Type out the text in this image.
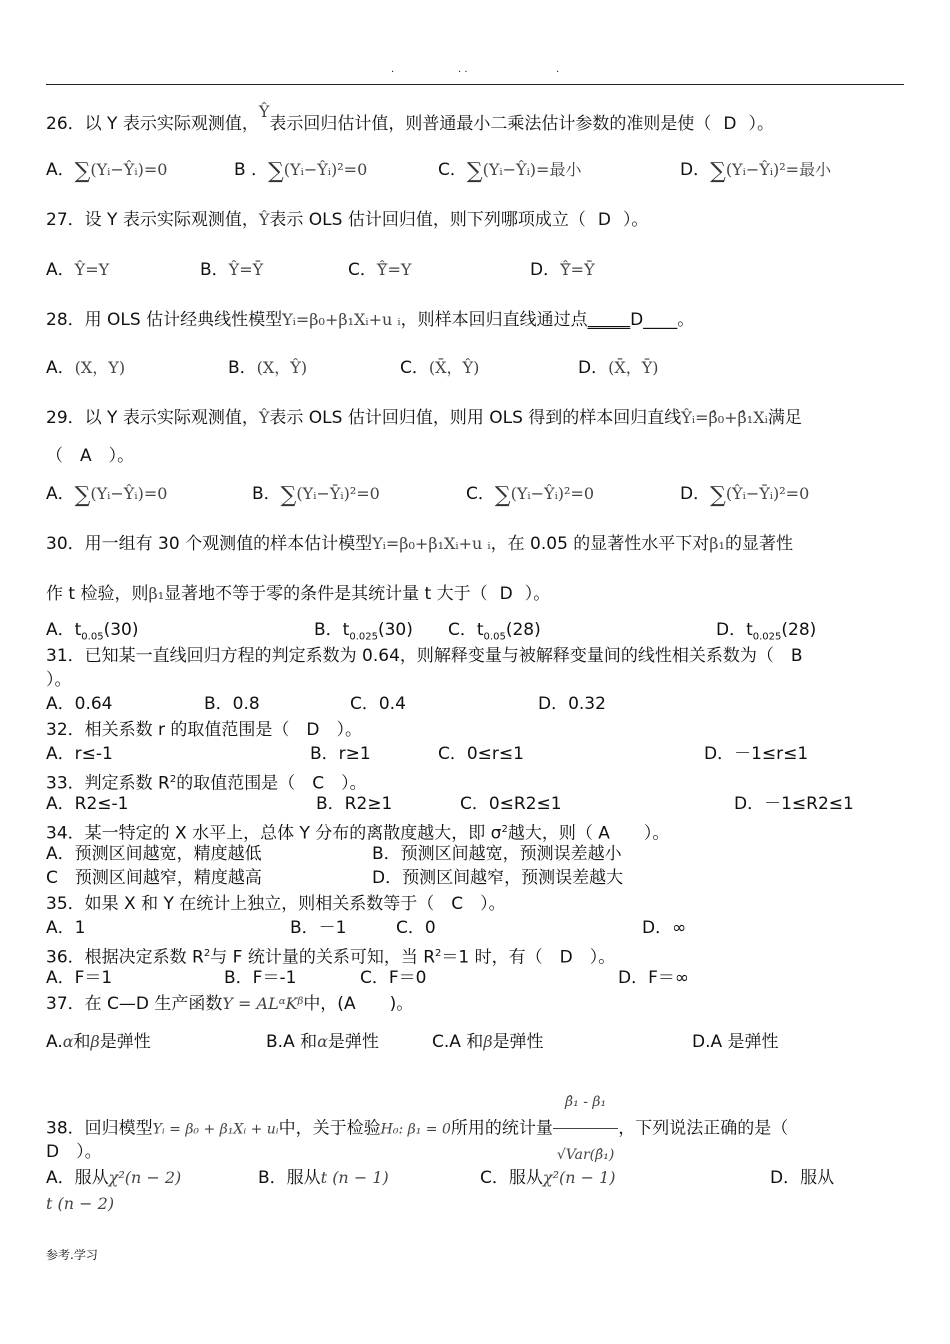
.	. .	.
26．以 Y 表示实际观测值，Ŷ表示回归估计值，则普通最小二乘法估计参数的准则是使（ D ）。
A．∑(Yᵢ−Ŷᵢ)=0	B ．∑(Yᵢ−Ŷᵢ)²=0	C．∑(Yᵢ−Ŷᵢ)=最小	D．∑(Yᵢ−Ŷᵢ)²=最小
27．设 Y 表示实际观测值，Ŷ表示 OLS 估计回归值，则下列哪项成立（ D ）。
A．Ŷ=Y	B．Ŷ=Ȳ	C．Ŷ̄=Y	D．Ŷ̄=Ȳ
28．用 OLS 估计经典线性模型Yᵢ=β₀+β₁Xᵢ+u ᵢ，则样本回归直线通过点_____D____。
A．(X，Y)	B．(X，Ŷ)	C．(X̄，Ŷ)	D．(X̄，Ȳ)
29．以 Y 表示实际观测值，Ŷ表示 OLS 估计回归值，则用 OLS 得到的样本回归直线Ŷᵢ=β̂₀+β̂₁Xᵢ满足
（　A　）。
A．∑(Yᵢ−Ŷᵢ)=0	B．∑(Yᵢ−Ȳᵢ)²=0	C．∑(Yᵢ−Ŷᵢ)²=0	D．∑(Ŷᵢ−Ȳᵢ)²=0
30．用一组有 30 个观测值的样本估计模型Yᵢ=β₀+β₁Xᵢ+u ᵢ，在 0.05 的显著性水平下对β₁的显著性
作 t 检验，则β₁显著地不等于零的条件是其统计量 t 大于（ D ）。
A．$t_{0.05}(30)$	B．$t_{0.025}(30)$ C．$t_{0.05}(28)$	D．$t_{0.025}(28)$
31．已知某一直线回归方程的判定系数为 0.64，则解释变量与被解释变量间的线性相关系数为（　B
）。
A．0.64	B．0.8	C．0.4	D．0.32
32．相关系数 r 的取值范围是（　D　）。
A．r≤-1	B．r≥1	C．0≤r≤1	D．－1≤r≤1
33．判定系数 $R^2$的取值范围是（　C　）。
A．R2≤-1	B．R2≥1	C．0≤R2≤1	D．－1≤R2≤1
34．某一特定的 X 水平上，总体 Y 分布的离散度越大，即 $\sigma^2$越大，则（ A　　）。
A．预测区间越宽，精度越低	B．预测区间越宽，预测误差越小
C　预测区间越窄，精度越高	D．预测区间越窄，预测误差越大
35．如果 X 和 Y 在统计上独立，则相关系数等于（　C　）。
A．1	B．－1	C．0	D．∞
36．根据决定系数 $R^2$与 F 统计量的关系可知，当 $R^2=1$ 时，有（　D　）。
A．F＝1	B．F＝-1	C．F＝0	D．F＝∞
37．在 C—D 生产函数Y = ALᵅKᵝ中，(A　　)。
A.α和β是弹性	B.A 和α是弹性	C.A 和β是弹性	D.A 是弹性
38．回归模型Yᵢ = β₀ + β₁Xᵢ + uᵢ中，关于检验H₀: β₁ = 0所用的统计量 $\frac{\text{β̂₁ - β₁}}{\text{√Var(β̂₁)}}$ ，下列说法正确的是（
D　）。
A．服从χ²(n − 2)	B．服从t (n − 1)	C．服从χ²(n − 1)	D．服从
t (n − 2)
参考.学习
